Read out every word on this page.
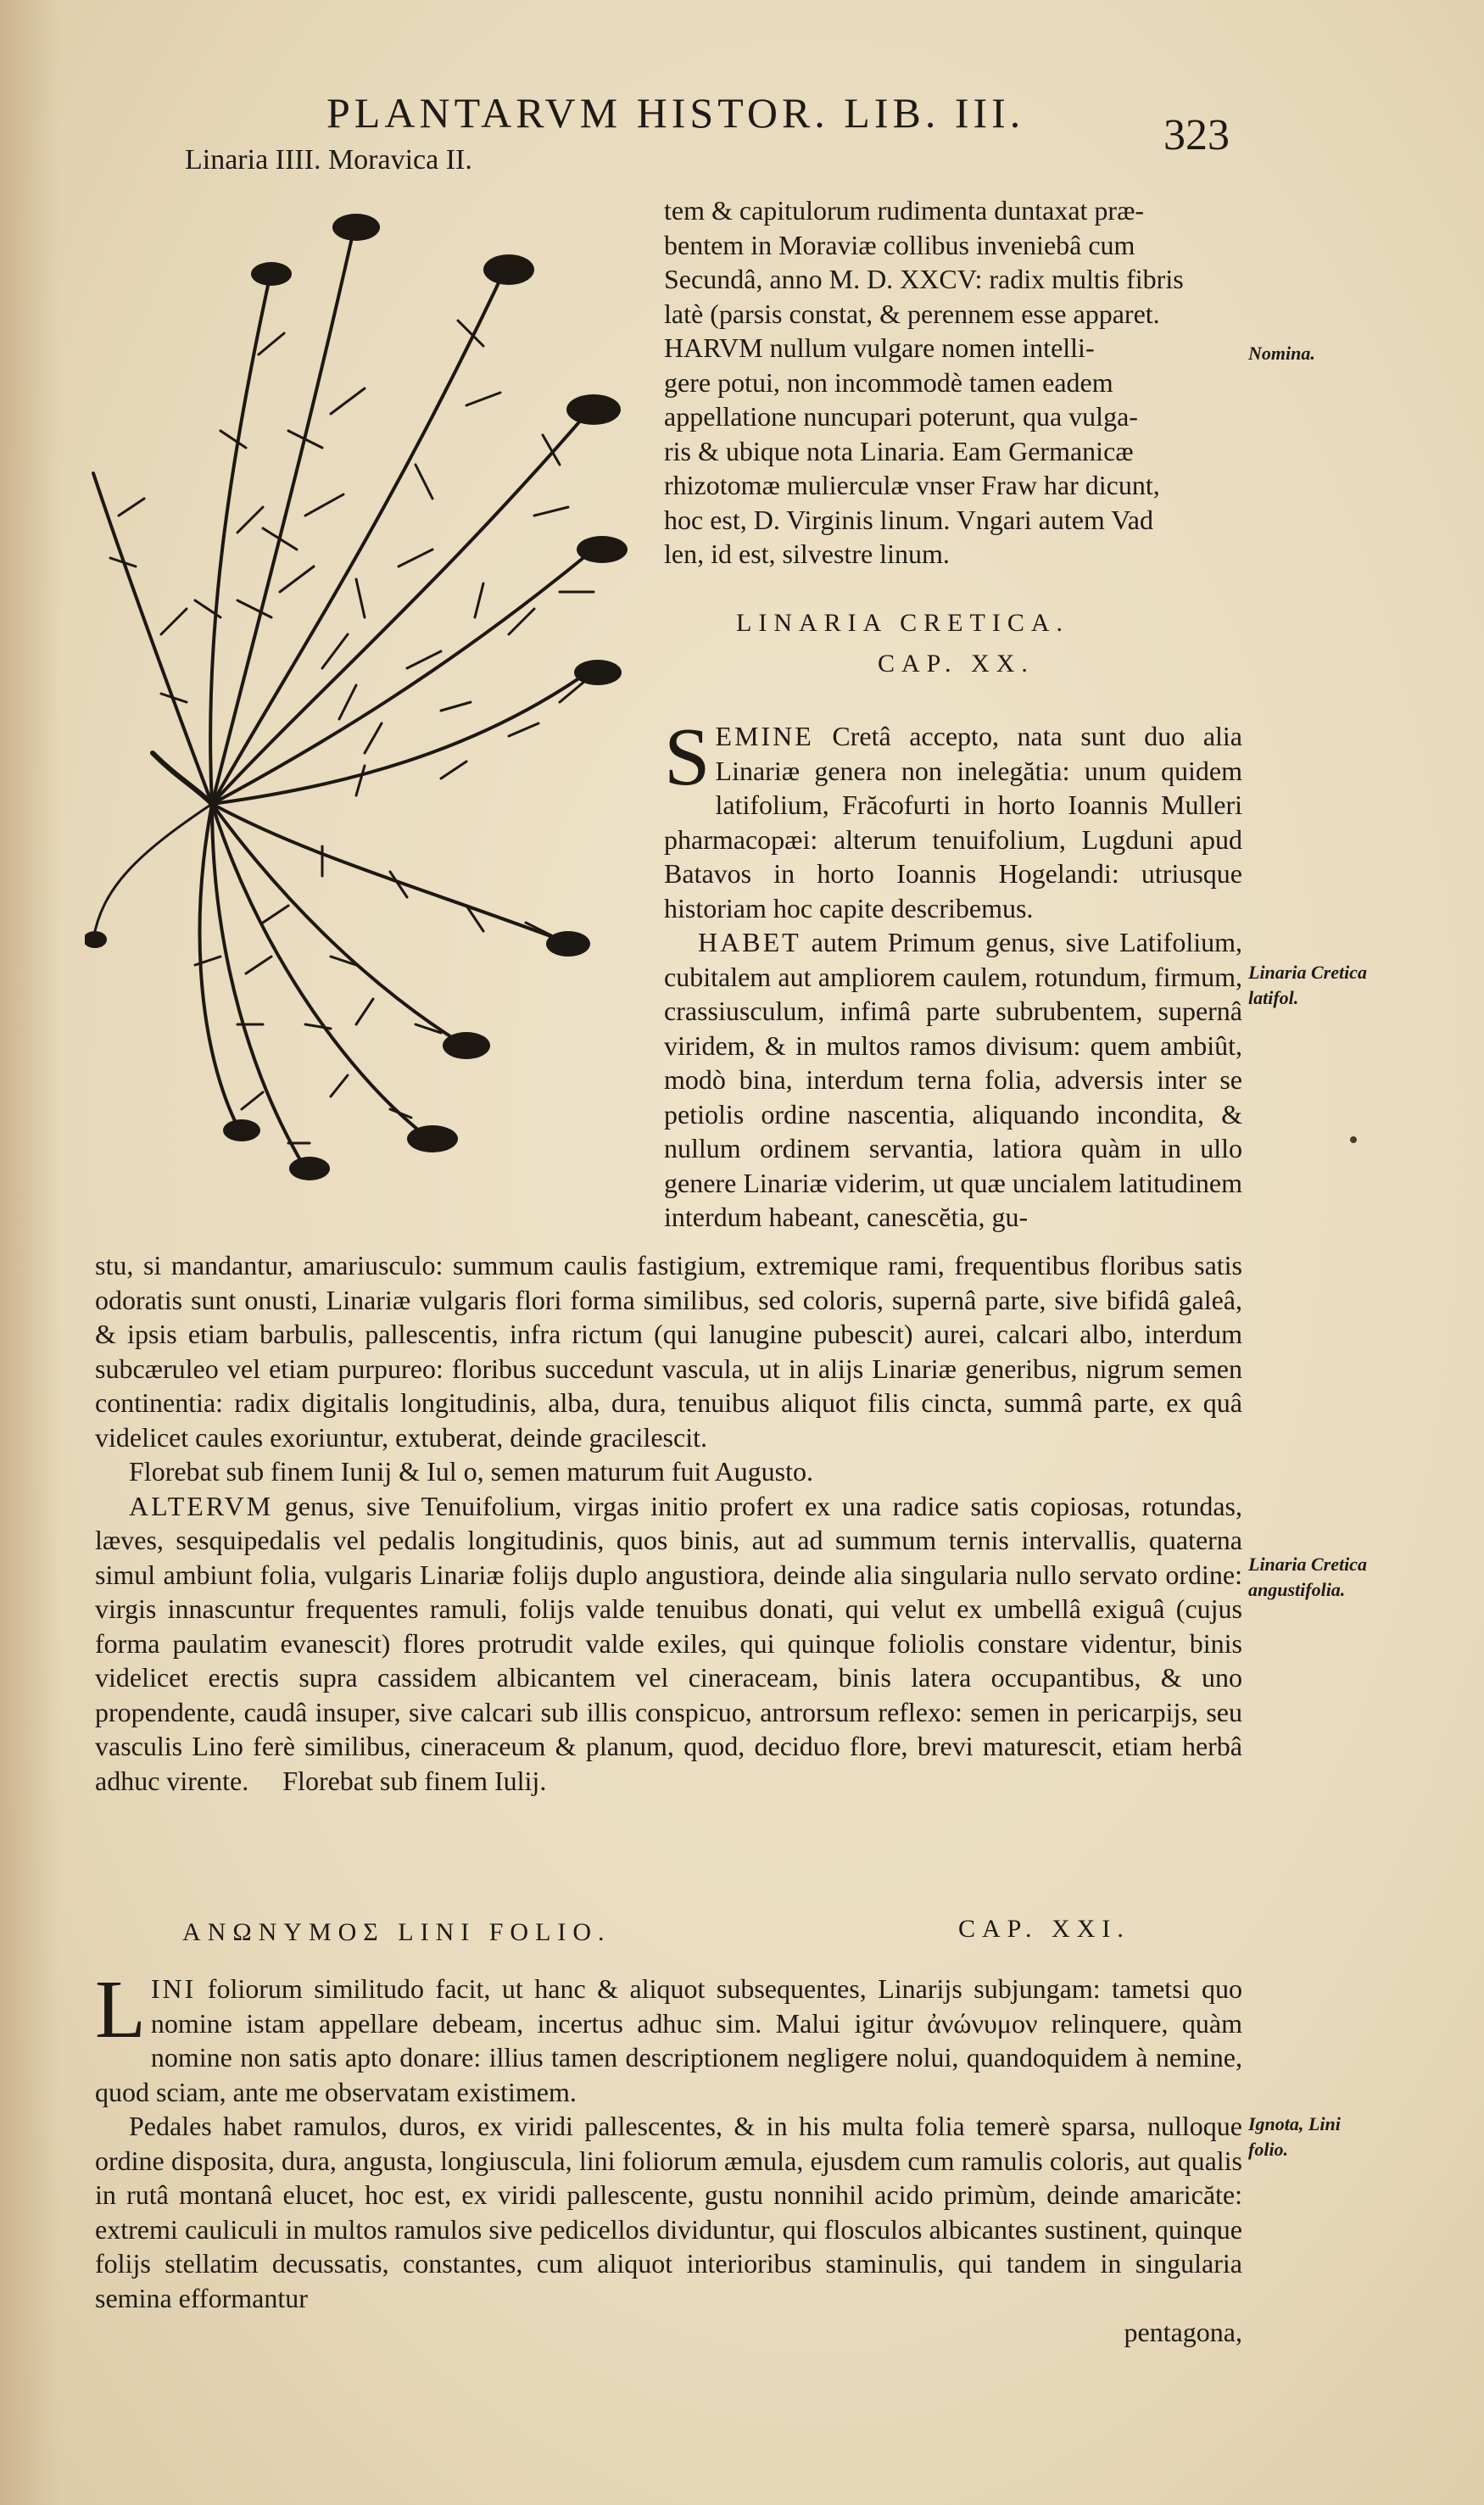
PLANTARVM HISTOR. LIB. III.	323
Linaria IIII. Moravica II.

tem & capitulorum rudimenta duntaxat præ-

bentem in Moraviæ collibus inveniebâ cum

Secundâ, anno M. D. XXCV: radix multis fibris

latè (parsis constat, & perennem esse apparet.

HARVM nullum vulgare nomen intelli-

gere potui, non incommodè tamen eadem

appellatione nuncupari poterunt, qua vulga-

ris & ubique nota Linaria. Eam Germanicæ

rhizotomæ mulierculæ vnser Fraw har dicunt,

hoc est, D. Virginis linum. Vngari autem Vad

len, id est, silvestre linum.

Nomina.
LINARIA CRETICA.
CAP. XX.

SEMINE Cretâ accepto, nata sunt duo alia Linariæ genera non inelegătia: unum quidem latifolium, Frăcofurti in horto Ioannis Mulleri pharmacopæi: alterum tenuifolium, Lugduni apud Batavos in horto Ioannis Hogelandi: utriusque historiam hoc capite describemus.

HABET autem Primum genus, sive Latifolium, cubitalem aut ampliorem caulem, rotundum, firmum, crassiusculum, infimâ parte subrubentem, supernâ viridem, & in multos ramos divisum: quem ambiût, modò bina, interdum terna folia, adversis inter se petiolis ordine nascentia, aliquando incondita, & nullum ordinem servantia, latiora quàm in ullo genere Linariæ viderim, ut quæ uncialem latitudinem interdum habeant, canescĕtia, gu-

Linaria Cretica latifol.

stu, si mandantur, amariusculo: summum caulis fastigium, extremique rami, frequentibus floribus satis odoratis sunt onusti, Linariæ vulgaris flori forma similibus, sed coloris, supernâ parte, sive bifidâ galeâ, & ipsis etiam barbulis, pallescentis, infra rictum (qui lanugine pubescit) aurei, calcari albo, interdum subcæruleo vel etiam purpureo: floribus succedunt vascula, ut in alijs Linariæ generibus, nigrum semen continentia: radix digitalis longitudinis, alba, dura, tenuibus aliquot filis cincta, summâ parte, ex quâ videlicet caules exoriuntur, extuberat, deinde gracilescit.

Florebat sub finem Iunij & Iul o, semen maturum fuit Augusto.

ALTERVM genus, sive Tenuifolium, virgas initio profert ex una radice satis copiosas, rotundas, læves, sesquipedalis vel pedalis longitudinis, quos binis, aut ad summum ternis intervallis, quaterna simul ambiunt folia, vulgaris Linariæ folijs duplo angustiora, deinde alia singularia nullo servato ordine: virgis innascuntur frequentes ramuli, folijs valde tenuibus donati, qui velut ex umbellâ exiguâ (cujus forma paulatim evanescit) flores protrudit valde exiles, qui quinque foliolis constare videntur, binis videlicet erectis supra cassidem albicantem vel cineraceam, binis latera occupantibus, & uno propendente, caudâ insuper, sive calcari sub illis conspicuo, antrorsum reflexo: semen in pericarpijs, seu vasculis Lino ferè similibus, cineraceum & planum, quod, deciduo flore, brevi maturescit, etiam herbâ adhuc virente. Florebat sub finem Iulij.

Linaria Cretica angustifolia.
ΑΝΩΝΥΜΟΣ LINI FOLIO.	CAP. XXI.

LINI foliorum similitudo facit, ut hanc & aliquot subsequentes, Linarijs subjungam: tametsi quo nomine istam appellare debeam, incertus adhuc sim. Malui igitur ἀνώνυμον relinquere, quàm nomine non satis apto donare: illius tamen descriptionem negligere nolui, quandoquidem à nemine, quod sciam, ante me observatam existimem.

Pedales habet ramulos, duros, ex viridi pallescentes, & in his multa folia temerè sparsa, nulloque ordine disposita, dura, angusta, longiuscula, lini foliorum æmula, ejusdem cum ramulis coloris, aut qualis in rutâ montanâ elucet, hoc est, ex viridi pallescente, gustu nonnihil acido primùm, deinde amaricăte: extremi cauliculi in multos ramulos sive pedicellos dividuntur, qui flosculos albicantes sustinent, quinque folijs stellatim decussatis, constantes, cum aliquot interioribus staminulis, qui tandem in singularia semina efformantur

pentagona,

Ignota, Lini folio.
